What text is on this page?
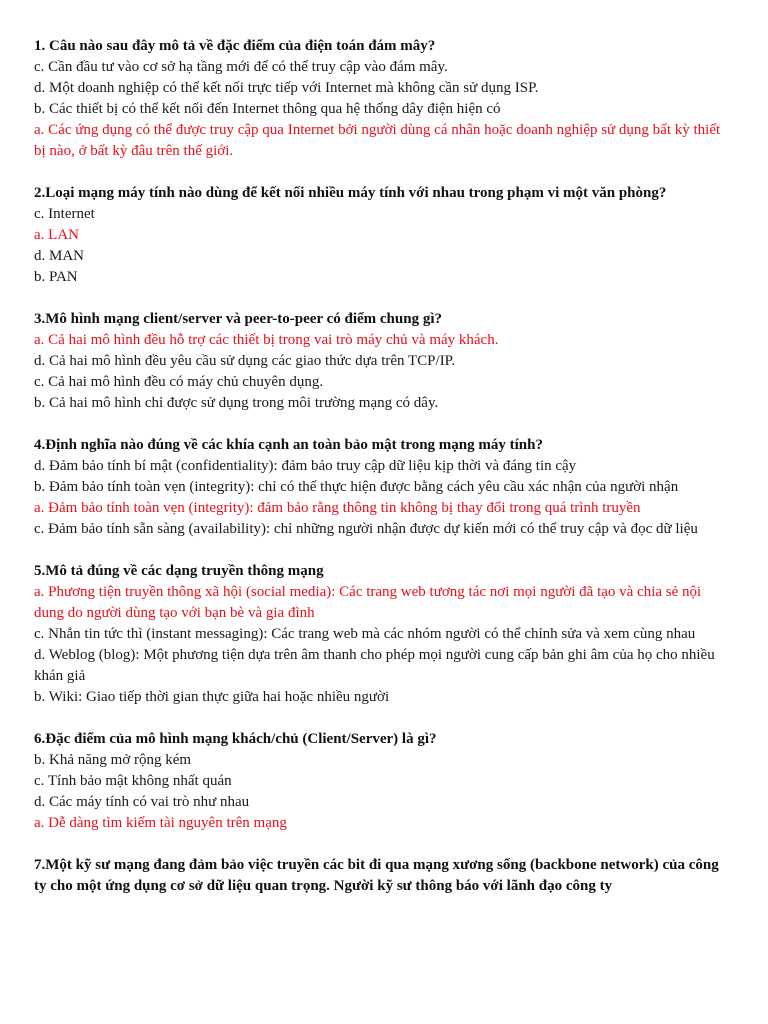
1. Câu nào sau đây mô tả về đặc điểm của điện toán đám mây?
c. Cần đầu tư vào cơ sở hạ tầng mới để có thể truy cập vào đám mây.
d. Một doanh nghiệp có thể kết nối trực tiếp với Internet mà không cần sử dụng ISP.
b. Các thiết bị có thể kết nối đến Internet thông qua hệ thống dây điện hiện có
a. Các ứng dụng có thể được truy cập qua Internet bởi người dùng cá nhân hoặc doanh nghiệp sử dụng bất kỳ thiết bị nào, ở bất kỳ đâu trên thế giới.
2.Loại mạng máy tính nào dùng để kết nối nhiều máy tính với nhau trong phạm vi một văn phòng?
c. Internet
a. LAN
d. MAN
b. PAN
3.Mô hình mạng client/server và peer-to-peer có điểm chung gì?
a. Cả hai mô hình đều hỗ trợ các thiết bị trong vai trò máy chủ và máy khách.
d. Cả hai mô hình đều yêu cầu sử dụng các giao thức dựa trên TCP/IP.
c. Cả hai mô hình đều có máy chủ chuyên dụng.
b. Cả hai mô hình chỉ được sử dụng trong môi trường mạng có dây.
4.Định nghĩa nào đúng về các khía cạnh an toàn bảo mật trong mạng máy tính?
d. Đảm bảo tính bí mật (confidentiality): đảm bảo truy cập dữ liệu kịp thời và đáng tin cậy
b. Đảm bảo tính toàn vẹn (integrity): chỉ có thể thực hiện được bằng cách yêu cầu xác nhận của người nhận
a. Đảm bảo tính toàn vẹn (integrity): đảm bảo rằng thông tin không bị thay đổi trong quá trình truyền
c. Đảm bảo tính sẵn sàng (availability): chỉ những người nhận được dự kiến mới có thể truy cập và đọc dữ liệu
5.Mô tả đúng về các dạng truyền thông mạng
a. Phương tiện truyền thông xã hội (social media): Các trang web tương tác nơi mọi người đã tạo và chia sẻ nội dung do người dùng tạo với bạn bè và gia đình
c. Nhắn tin tức thì (instant messaging): Các trang web mà các nhóm người có thể chỉnh sửa và xem cùng nhau
d. Weblog (blog): Một phương tiện dựa trên âm thanh cho phép mọi người cung cấp bản ghi âm của họ cho nhiều khán giả
b. Wiki: Giao tiếp thời gian thực giữa hai hoặc nhiều người
6.Đặc điểm của mô hình mạng khách/chủ (Client/Server) là gì?
b. Khả năng mở rộng kém
c. Tính bảo mật không nhất quán
d. Các máy tính có vai trò như nhau
a. Dễ dàng tìm kiếm tài nguyên trên mạng
7.Một kỹ sư mạng đang đảm bảo việc truyền các bit đi qua mạng xương sống (backbone network) của công ty cho một ứng dụng cơ sở dữ liệu quan trọng. Người kỹ sư thông báo với lãnh đạo công ty
